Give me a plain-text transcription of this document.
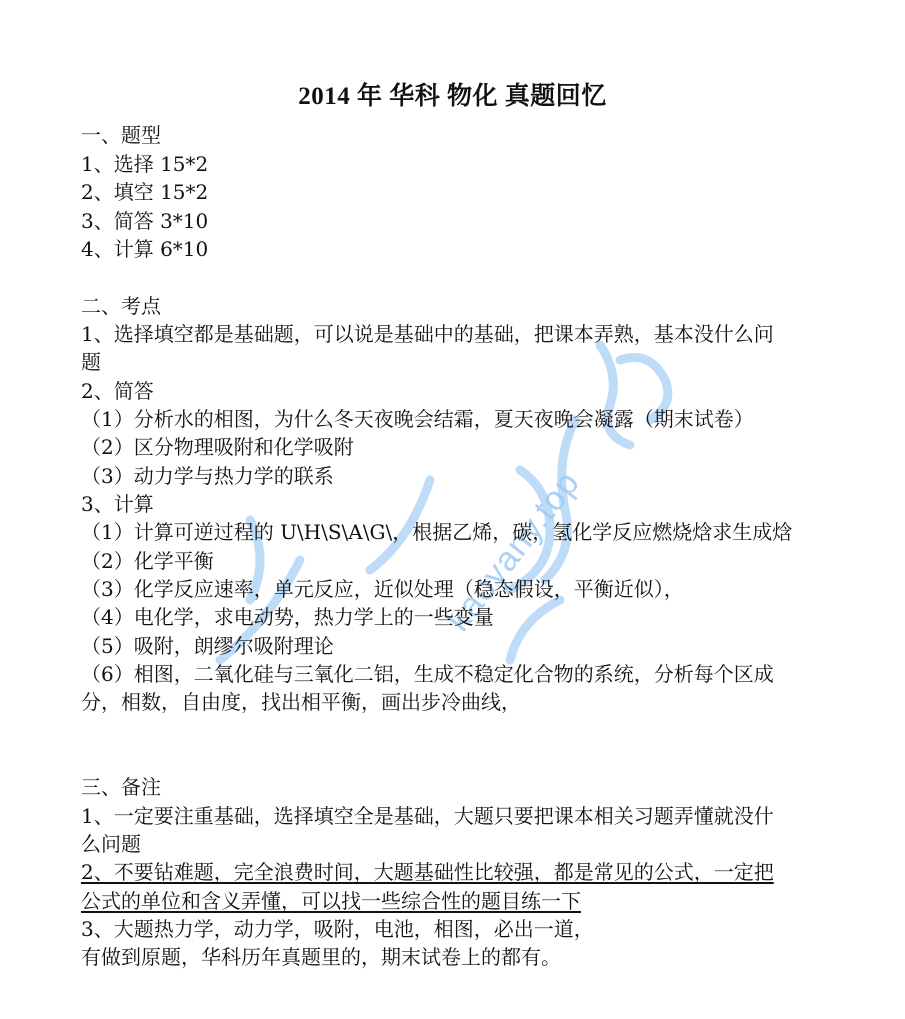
kaoyany.top
2014 年 华科 物化 真题回忆
一、题型
1、选择 15*2
2、填空 15*2
3、简答 3*10
4、计算 6*10
二、考点
1、选择填空都是基础题，可以说是基础中的基础，把课本弄熟，基本没什么问
题
2、简答
（1）分析水的相图，为什么冬天夜晚会结霜，夏天夜晚会凝露（期末试卷）
（2）区分物理吸附和化学吸附
（3）动力学与热力学的联系
3、计算
（1）计算可逆过程的 U\H\S\A\G\，根据乙烯，碳，氢化学反应燃烧焓求生成焓
（2）化学平衡
（3）化学反应速率，单元反应，近似处理（稳态假设，平衡近似），
（4）电化学，求电动势，热力学上的一些变量
（5）吸附，朗缪尔吸附理论
（6）相图，二氧化硅与三氧化二铝，生成不稳定化合物的系统，分析每个区成
分，相数，自由度，找出相平衡，画出步冷曲线，
三、备注
1、一定要注重基础，选择填空全是基础，大题只要把课本相关习题弄懂就没什
么问题
2、不要钻难题，完全浪费时间，大题基础性比较强，都是常见的公式，一定把
公式的单位和含义弄懂，可以找一些综合性的题目练一下
3、大题热力学，动力学，吸附，电池，相图，必出一道，
有做到原题，华科历年真题里的，期末试卷上的都有。
